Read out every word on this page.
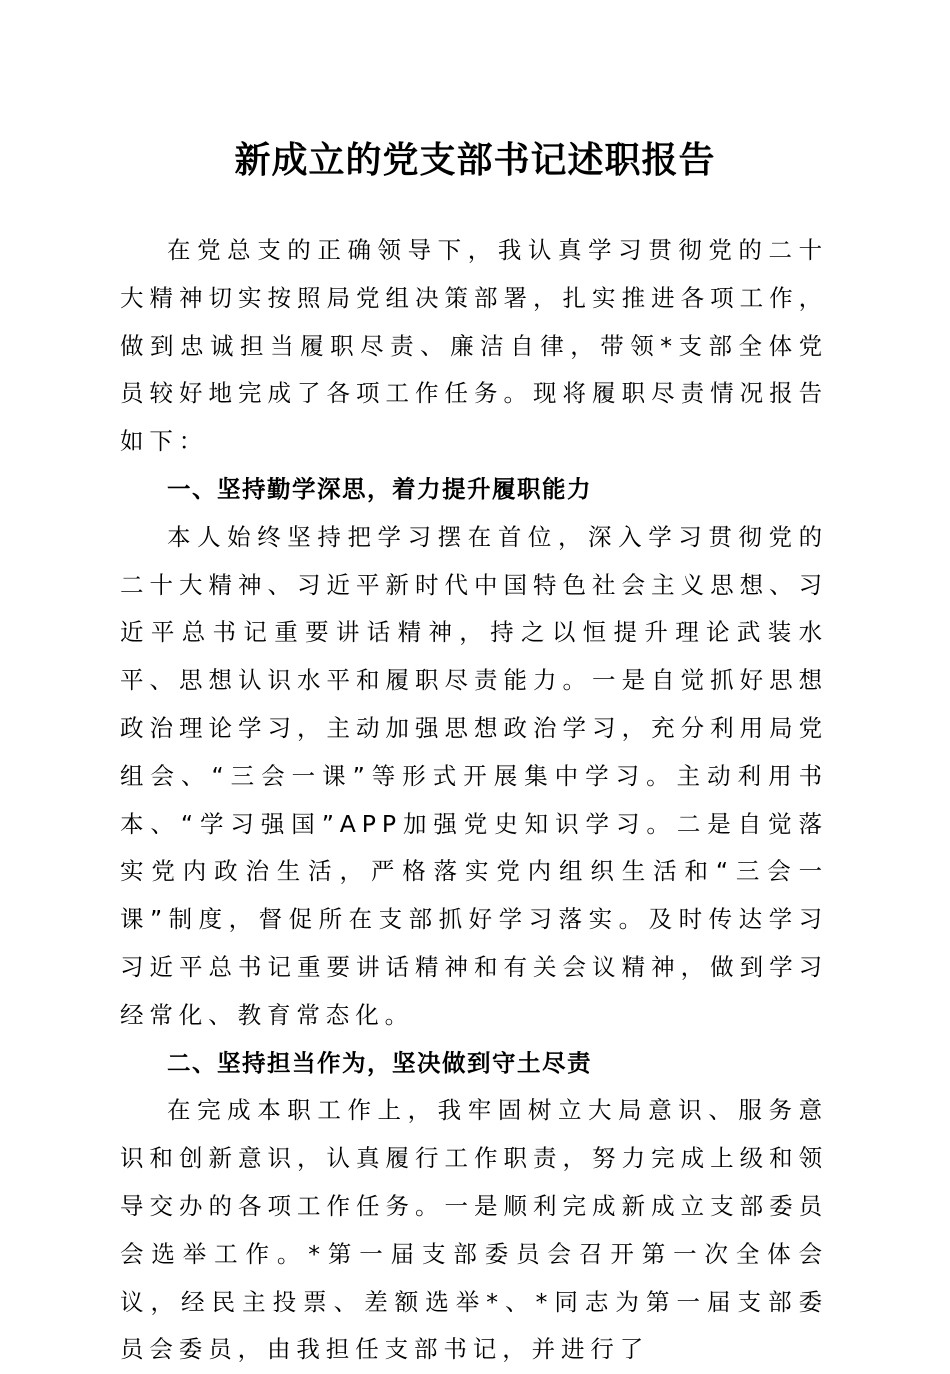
新成立的党支部书记述职报告

在党总支的正确领导下，我认真学习贯彻党的二十大精神切实按照局党组决策部署，扎实推进各项工作，做到忠诚担当履职尽责、廉洁自律，带领*支部全体党员较好地完成了各项工作任务。现将履职尽责情况报告如下：

一、坚持勤学深思，着力提升履职能力

本人始终坚持把学习摆在首位，深入学习贯彻党的二十大精神、习近平新时代中国特色社会主义思想、习近平总书记重要讲话精神，持之以恒提升理论武装水平、思想认识水平和履职尽责能力。一是自觉抓好思想政治理论学习，主动加强思想政治学习，充分利用局党组会、“三会一课”等形式开展集中学习。主动利用书本、“学习强国”APP加强党史知识学习。二是自觉落实党内政治生活，严格落实党内组织生活和“三会一课”制度，督促所在支部抓好学习落实。及时传达学习习近平总书记重要讲话精神和有关会议精神，做到学习经常化、教育常态化。

二、坚持担当作为，坚决做到守土尽责

在完成本职工作上，我牢固树立大局意识、服务意识和创新意识，认真履行工作职责，努力完成上级和领导交办的各项工作任务。一是顺利完成新成立支部委员会选举工作。*第一届支部委员会召开第一次全体会议，经民主投票、差额选举*、*同志为第一届支部委员会委员，由我担任支部书记，并进行了
